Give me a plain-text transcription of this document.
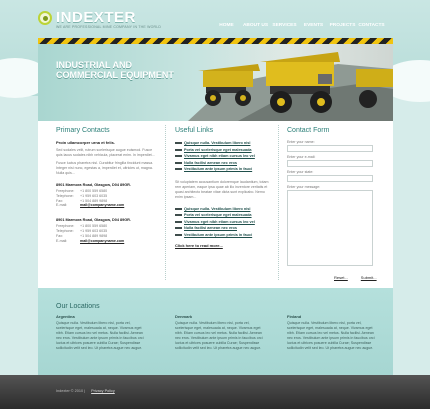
INDEXTER
WE ARE PROFESSIONAL MINE COMPANY IN THE WORLD	HOME	ABOUT US SERVICES	EVENTS	PROJECTS CONTACTS
INDUSTRIAL AND
COMMERCIAL EQUIPMENT
Primary Contacts
Proin ullamcorper urna et felis.
Sed sodales velit, rutrum scelerisque augue euismod. Fusce quis lacus sodales nibh vehicula, placerat enim. In imperdiet...
Fusce luctus pharetra nisl. Curabitur fringilla tincidunt massa. Integer nisi nunc, egestas a, imperdiet et, ultricies ut, magna. Nulla quis...
8901 Marmora Road, Glasgow, D04 89GR.
Freephone:	+1 800 559 6580
Telephone:	+1 959 603 6035
Fax:	+1 504 889 9898
E-mail:	mail@companyname.com
8901 Marmora Road, Glasgow, D04 89GR.
Freephone:	+1 800 559 6580
Telephone:	+1 959 603 6035
Fax:	+1 504 889 9898
E-mail:	mail@companyname.com
Useful Links
Quisque nulla. Vestibulum libero nisl
Porta vel scelerisque eget malesuada
Vivamus eget nibh etiam cursus leo vel
Nulla facilisi aenean nec eros
Vestibulum ante ipsum primis in fauci
Sit voluptatem accusantium doloremque laudantium, totam rem aperiam, eaque ipsa quae ab illo inventore veritatis et quasi architecto beatae vitae dicta sunt explicabo. Nemo enim ipsam...
Quisque nulla. Vestibulum libero nisl
Porta vel scelerisque eget malesuada
Vivamus eget nibh etiam cursus leo vel
Nulla facilisi aenean nec eros
Vestibulum ante ipsum primis in fauci
Click here to read more...
Contact Form
Enter your name:
Enter your e-mail:
Enter your state:
Enter your message:
Reset...	Submit...
Our Locations
Argentina
Quisque nulla. Vestibulum libero nisl, porta vel, scelerisque eget, malesuada at, neque. Vivamus eget nibh. Etiam cursus leo vel metus. Nulla facilisi. Aenean nec eros. Vestibulum ante ipsum primis in faucibus orci luctus et ultrices posuere cubilia Curae; Suspendisse sollicitudin velit sed leo. Ut pharetra augue nec augue.
Denmark
Quisque nulla. Vestibulum libero nisl, porta vel, scelerisque eget, malesuada at, neque. Vivamus eget nibh. Etiam cursus leo vel metus. Nulla facilisi. Aenean nec eros. Vestibulum ante ipsum primis in faucibus orci luctus et ultrices posuere cubilia Curae; Suspendisse sollicitudin velit sed leo. Ut pharetra augue nec augue.
Finland
Quisque nulla. Vestibulum libero nisl, porta vel, scelerisque eget, malesuada at, neque. Vivamus eget nibh. Etiam cursus leo vel metus. Nulla facilisi. Aenean nec eros. Vestibulum ante ipsum primis in faucibus orci luctus et ultrices posuere cubilia Curae; Suspendisse sollicitudin velit sed leo. Ut pharetra augue nec augue.
Indexter © 2010 | Privacy Policy
